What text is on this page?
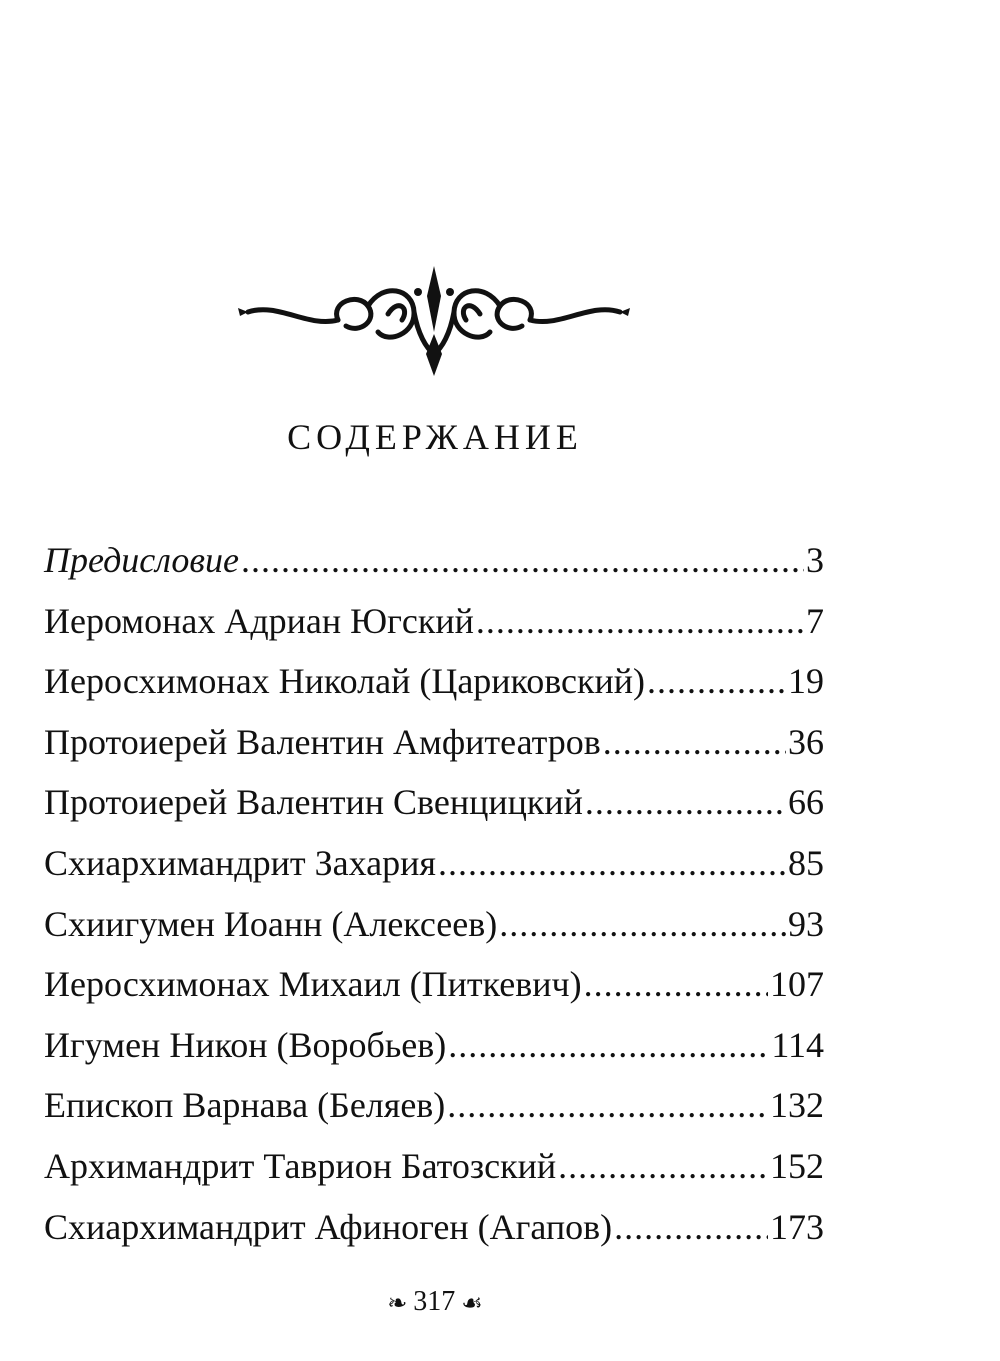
СОДЕРЖАНИЕ
Предисловие .....	3
Иеромонах Адриан Югский .....	7
Иеросхимонах Николай (Цариковский) .....	19
Протоиерей Валентин Амфитеатров .....	36
Протоиерей Валентин Свенцицкий .....	66
Схиархимандрит Захария .....	85
Схиигумен Иоанн (Алексеев) .....	93
Иеросхимонах Михаил (Питкевич) .....	107
Игумен Никон (Воробьев) .....	114
Епископ Варнава (Беляев) .....	132
Архимандрит Таврион Батозский .....	152
Схиархимандрит Афиноген (Агапов) .....	173
❧ 317 ☙
